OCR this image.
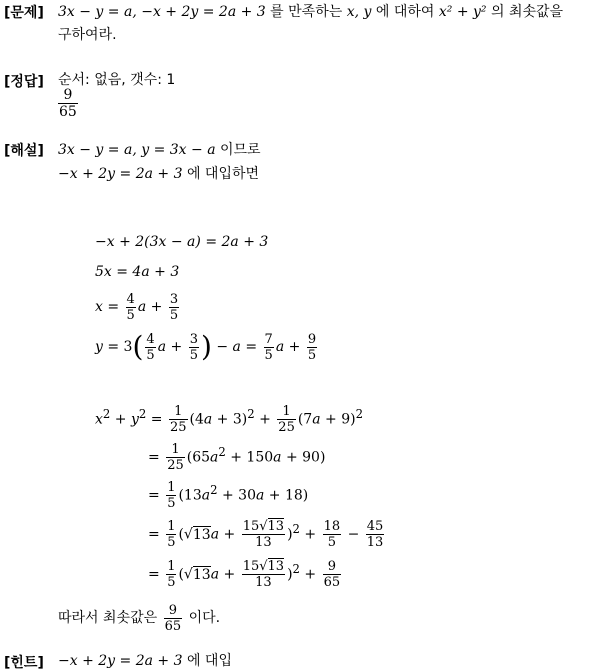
[문제] 3x − y = a, −x + 2y = 2a + 3 를 만족하는 x, y 에 대하여 x² + y² 의 최솟값을
구하여라.
[정답] 순서: 없음, 갯수: 1
$\frac{9}{65}$
[해설] 3x − y = a, y = 3x − a 이므로
−x + 2y = 2a + 3 에 대입하면
−x + 2(3x − a) = 2a + 3
5x = 4a + 3
$x = \frac{4}{5}$ $a + \frac{3}{5}$
$y = 3( \frac{4}{5}$ $a + \frac{3}{5}$ ) − $a = \frac{7}{5}$ $a + \frac{9}{5}$
$x^2 + y^2 = \frac{1}{25} (4a + 3)^2 + \frac{1}{25} (7a + 9)^2$
= $\frac{1}{25} (65a^2 + 150a + 90)$
= $\frac{1}{5} (13a^2 + 30a + 18)$
= $\frac{1}{5} (√13a + \frac{15√13}{13} )^2 + \frac{18}{5} - \frac{45}{13}$
= $\frac{1}{5} (√13a + \frac{15√13}{13} )^2 + \frac{9}{65}$
따라서 최솟값은 $\frac{9}{65}$ 이다.
[힌트] −x + 2y = 2a + 3 에 대입
